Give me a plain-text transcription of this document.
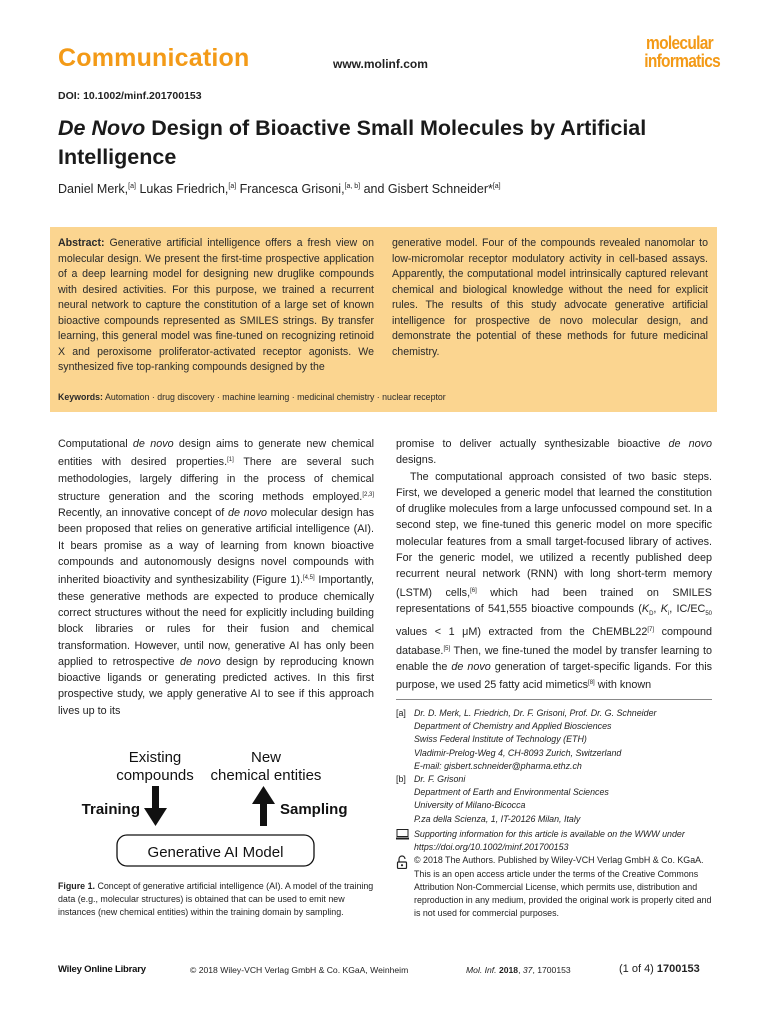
Communication	www.molinf.com
molecular
informatics
DOI: 10.1002/minf.201700153
De Novo Design of Bioactive Small Molecules by Artificial Intelligence
Daniel Merk,[a] Lukas Friedrich,[a] Francesca Grisoni,[a, b] and Gisbert Schneider*[a]
Abstract: Generative artificial intelligence offers a fresh view on molecular design. We present the first-time prospective application of a deep learning model for designing new druglike compounds with desired activities. For this purpose, we trained a recurrent neural network to capture the constitution of a large set of known bioactive compounds represented as SMILES strings. By transfer learning, this general model was fine-tuned on recognizing retinoid X and peroxisome proliferator-activated receptor agonists. We synthesized five top-ranking compounds designed by the
generative model. Four of the compounds revealed nanomolar to low-micromolar receptor modulatory activity in cell-based assays. Apparently, the computational model intrinsically captured relevant chemical and biological knowledge without the need for explicit rules. The results of this study advocate generative artificial intelligence for prospective de novo molecular design, and demonstrate the potential of these methods for future medicinal chemistry.
Keywords: Automation · drug discovery · machine learning · medicinal chemistry · nuclear receptor

Computational de novo design aims to generate new chemical entities with desired properties.[1] There are several such methodologies, largely differing in the process of chemical structure generation and the scoring methods employed.[2,3] Recently, an innovative concept of de novo molecular design has been proposed that relies on generative artificial intelligence (AI). It bears promise as a way of learning from known bioactive compounds and autonomously designs novel compounds with inherited bioactivity and synthesizability (Figure 1).[4,5] Importantly, these generative methods are expected to produce chemically correct structures without the need for explicitly including building block libraries or rules for their fusion and chemical transformation. However, until now, generative AI has only been applied to retrospective de novo design by reproducing known bioactive ligands or generating predicted actives. In this first prospective study, we apply generative AI to see if this approach lives up to its

promise to deliver actually synthesizable bioactive de novo designs.

The computational approach consisted of two basic steps. First, we developed a generic model that learned the constitution of druglike molecules from a large unfocussed compound set. In a second step, we fine-tuned this generic model on more specific molecular features from a small target-focused library of actives. For the generic model, we utilized a recently published deep recurrent neural network (RNN) with long short-term memory (LSTM) cells,[6] which had been trained on SMILES representations of 541,555 bioactive compounds ($K_D$, $K_i$, $IC/EC_{50}$ values < 1 μM) extracted from the ChEMBL22[7] compound database.[5] Then, we fine-tuned the model by transfer learning to enable the de novo generation of target-specific ligands. For this purpose, we used 25 fatty acid mimetics[8] with known

Existing
compounds
New
chemical entities
Training	Sampling
Generative AI Model
Figure 1. Concept of generative artificial intelligence (AI). A model of the training data (e.g., molecular structures) is obtained that can be used to emit new instances (new chemical entities) within the training domain by sampling.
[a] Dr. D. Merk, L. Friedrich, Dr. F. Grisoni, Prof. Dr. G. Schneider
Department of Chemistry and Applied Biosciences
Swiss Federal Institute of Technology (ETH)
Vladimir-Prelog-Weg 4, CH-8093 Zurich, Switzerland
E-mail: gisbert.schneider@pharma.ethz.ch
[b] Dr. F. Grisoni
Department of Earth and Environmental Sciences
University of Milano-Bicocca
P.za della Scienza, 1, IT-20126 Milan, Italy
Supporting information for this article is available on the WWW under https://doi.org/10.1002/minf.201700153
© 2018 The Authors. Published by Wiley-VCH Verlag GmbH & Co. KGaA. This is an open access article under the terms of the Creative Commons Attribution Non-Commercial License, which permits use, distribution and reproduction in any medium, provided the original work is properly cited and is not used for commercial purposes.
Wiley Online Library	© 2018 Wiley-VCH Verlag GmbH & Co. KGaA, Weinheim	Mol. Inf. 2018, 37, 1700153	(1 of 4) 1700153
